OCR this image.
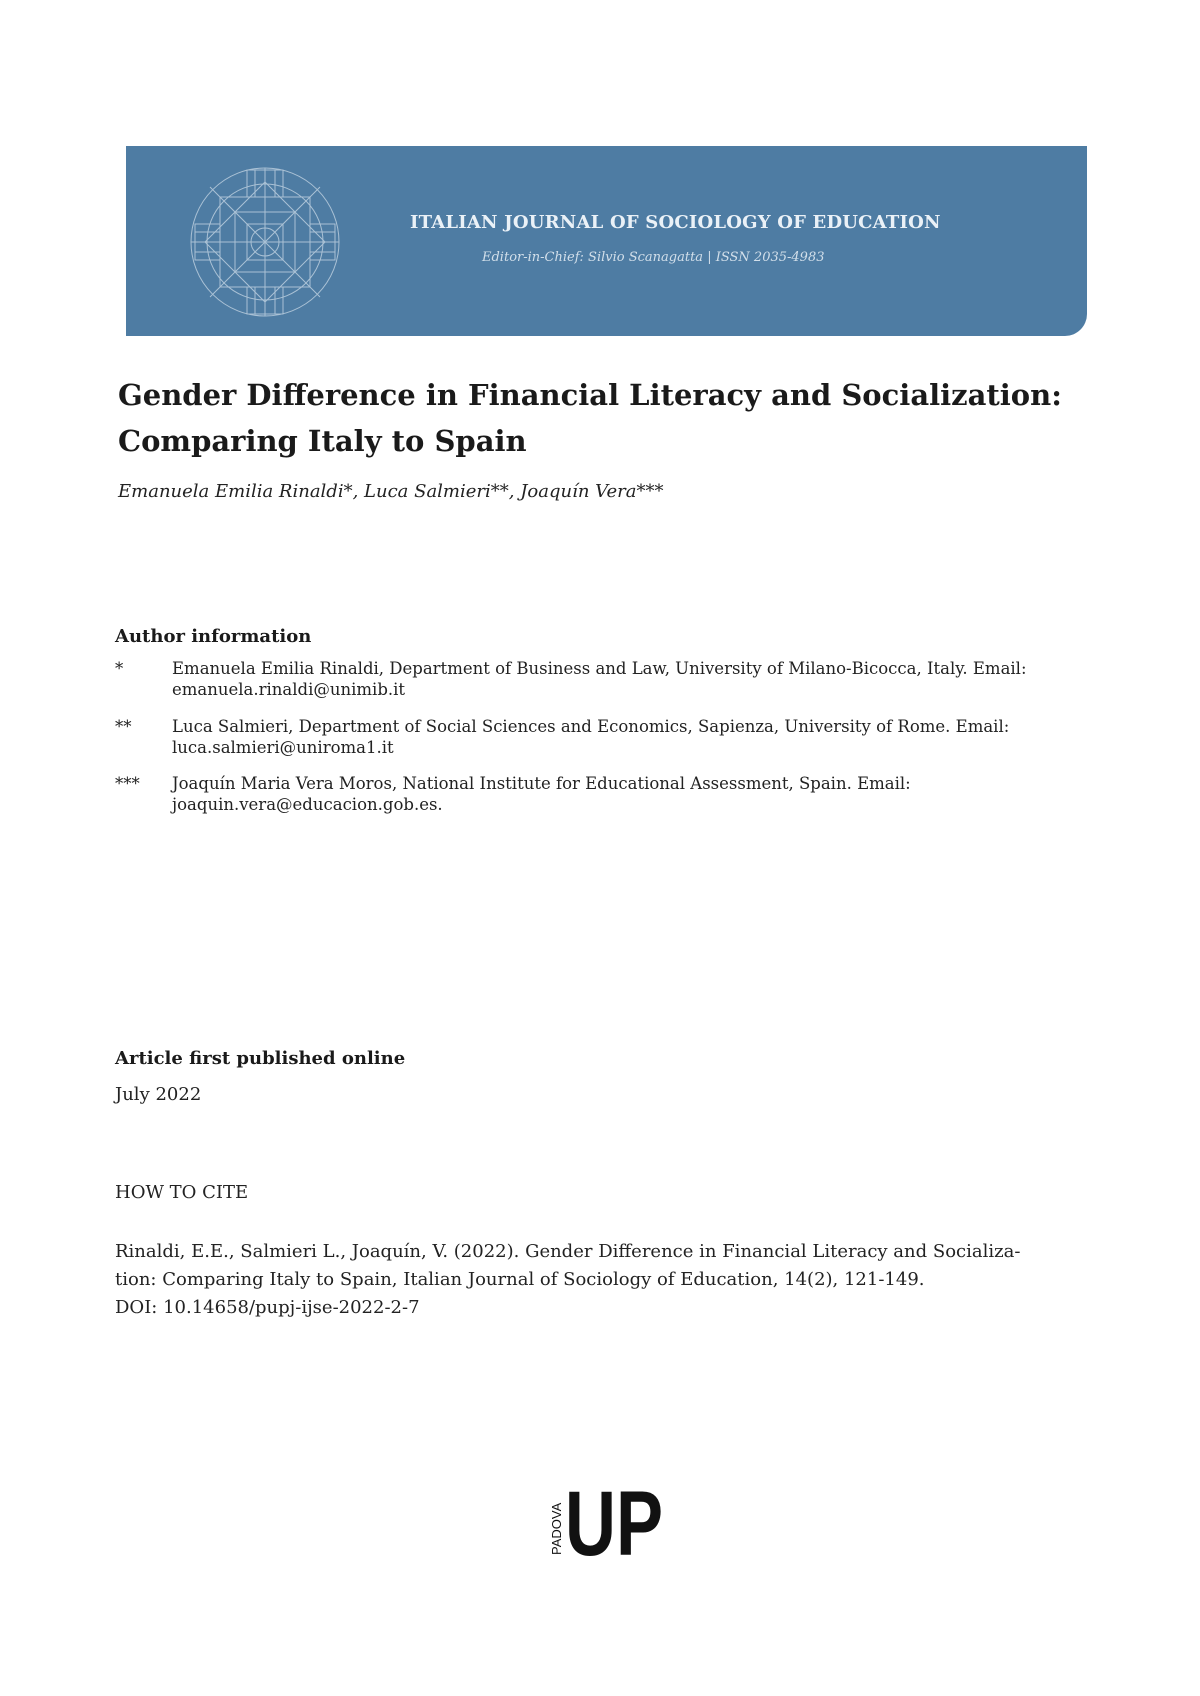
ITALIAN JOURNAL OF SOCIOLOGY OF EDUCATION
Editor-in-Chief: Silvio Scanagatta | ISSN 2035-4983
Gender Difference in Financial Literacy and Socialization: Comparing Italy to Spain

Emanuela Emilia Rinaldi*, Luca Salmieri**, Joaquín Vera***

Author information
*	Emanuela Emilia Rinaldi, Department of Business and Law, University of Milano-Bicocca, Italy. Email: emanuela.rinaldi@unimib.it
**	Luca Salmieri, Department of Social Sciences and Economics, Sapienza, University of Rome. Email: luca.salmieri@uniroma1.it
***	Joaquín Maria Vera Moros, National Institute for Educational Assessment, Spain. Email: joaquin.vera@educacion.gob.es.
Article first published online

July 2022

HOW TO CITE

Rinaldi, E.E., Salmieri L., Joaquín, V. (2022). Gender Difference in Financial Literacy and Socializa-
tion: Comparing Italy to Spain, Italian Journal of Sociology of Education, 14(2), 121-149.
DOI: 10.14658/pupj-ijse-2022-2-7
PADOVA UP
